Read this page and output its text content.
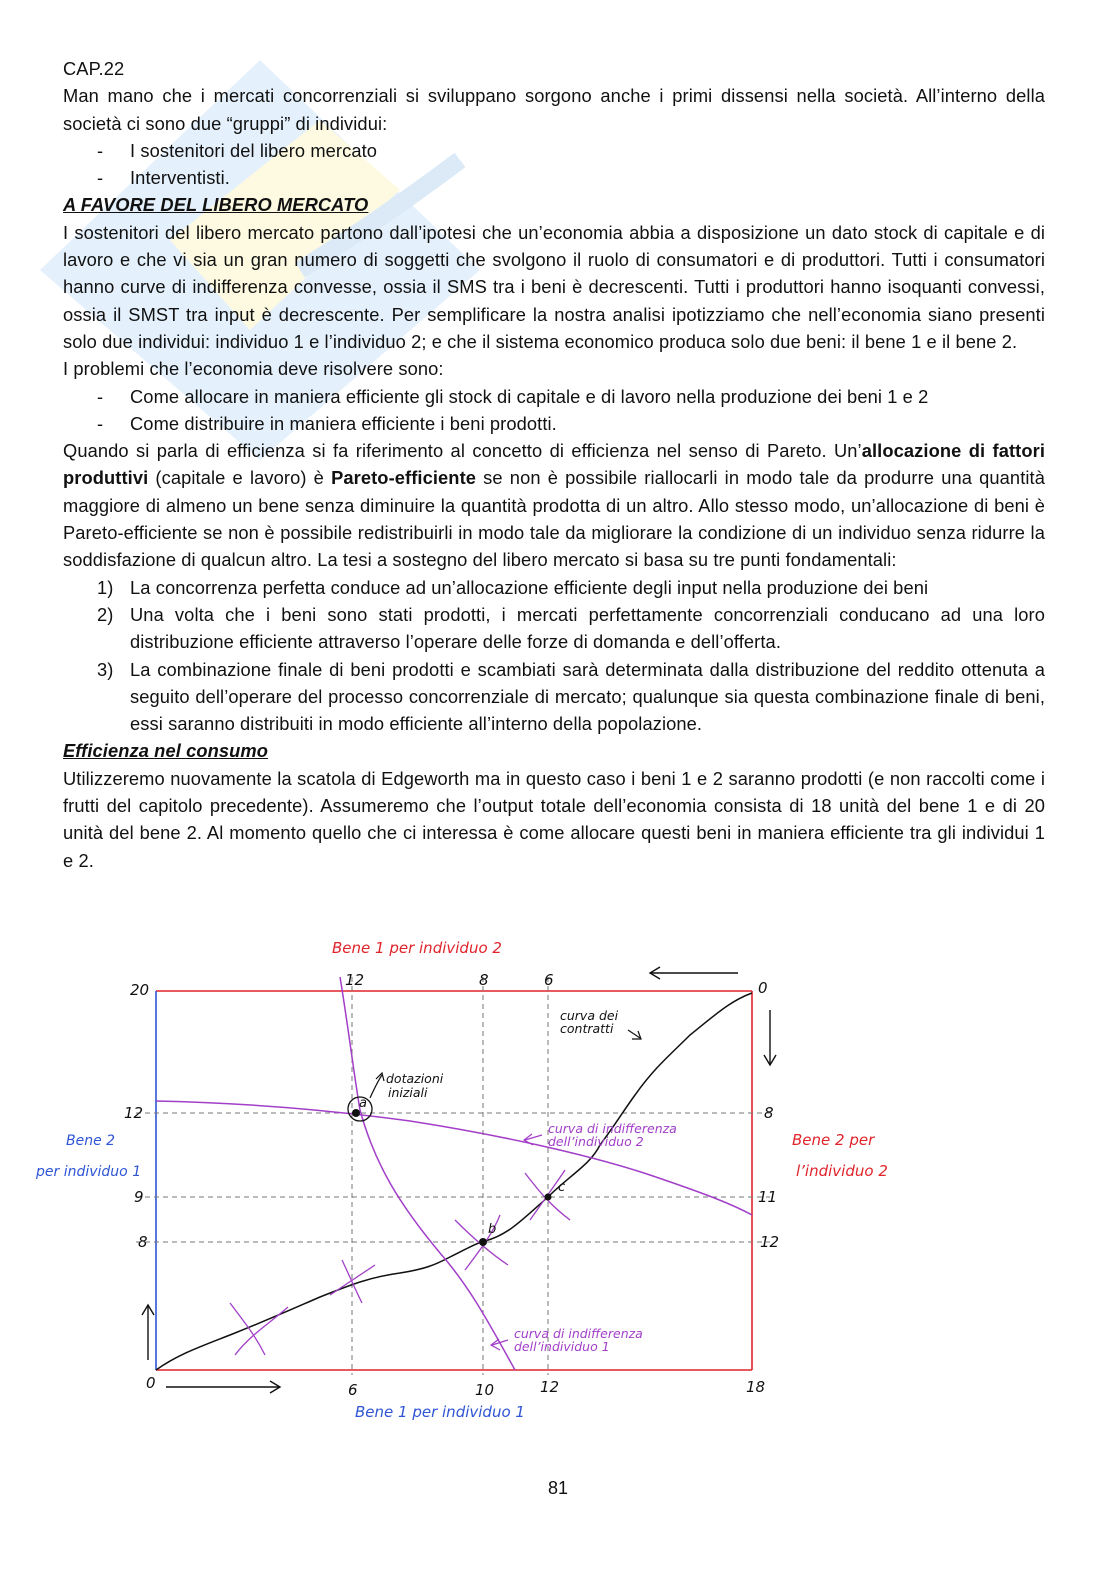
CAP.22

Man mano che i mercati concorrenziali si sviluppano sorgono anche i primi dissensi nella società. All’interno della società ci sono due “gruppi” di individui:

- I sostenitori del libero mercato
- Interventisti.

A FAVORE DEL LIBERO MERCATO

I sostenitori del libero mercato partono dall’ipotesi che un’economia abbia a disposizione un dato stock di capitale e di lavoro e che vi sia un gran numero di soggetti che svolgono il ruolo di consumatori e di produttori. Tutti i consumatori hanno curve di indifferenza convesse, ossia il SMS tra i beni è decrescenti. Tutti i produttori hanno isoquanti convessi, ossia il SMST tra input è decrescente. Per semplificare la nostra analisi ipotizziamo che nell’economia siano presenti solo due individui: individuo 1 e l’individuo 2; e che il sistema economico produca solo due beni: il bene 1 e il bene 2.

I problemi che l’economia deve risolvere sono:

- Come allocare in maniera efficiente gli stock di capitale e di lavoro nella produzione dei beni 1 e 2
- Come distribuire in maniera efficiente i beni prodotti.

Quando si parla di efficienza si fa riferimento al concetto di efficienza nel senso di Pareto. Un’allocazione di fattori produttivi (capitale e lavoro) è Pareto-efficiente se non è possibile riallocarli in modo tale da produrre una quantità maggiore di almeno un bene senza diminuire la quantità prodotta di un altro. Allo stesso modo, un’allocazione di beni è Pareto-efficiente se non è possibile redistribuirli in modo tale da migliorare la condizione di un individuo senza ridurre la soddisfazione di qualcun altro. La tesi a sostegno del libero mercato si basa su tre punti fondamentali:

1) La concorrenza perfetta conduce ad un’allocazione efficiente degli input nella produzione dei beni
2) Una volta che i beni sono stati prodotti, i mercati perfettamente concorrenziali conducano ad una loro distribuzione efficiente attraverso l’operare delle forze di domanda e dell’offerta.
3) La combinazione finale di beni prodotti e scambiati sarà determinata dalla distribuzione del reddito ottenuta a seguito dell’operare del processo concorrenziale di mercato; qualunque sia questa combinazione finale di beni, essi saranno distribuiti in modo efficiente all’interno della popolazione.

Efficienza nel consumo

Utilizzeremo nuovamente la scatola di Edgeworth ma in questo caso i beni 1 e 2 saranno prodotti (e non raccolti come i frutti del capitolo precedente). Assumeremo che l’output totale dell’economia consista di 18 unità del bene 1 e di 20 unità del bene 2. Al momento quello che ci interessa è come allocare questi beni in maniera efficiente tra gli individui 1 e 2.

a
b
c
Bene 1 per individuo 2
Bene 2 per
l’individuo 2
Bene 2
per individuo 1
Bene 1 per individuo 1
12	8	6	0
20
12
9
8
8
11
12
0	6	10	12	18
curva dei
contratti
dotazioni
iniziali
curva di indifferenza
dell’individuo 2
curva di indifferenza
dell’individuo 1
81
